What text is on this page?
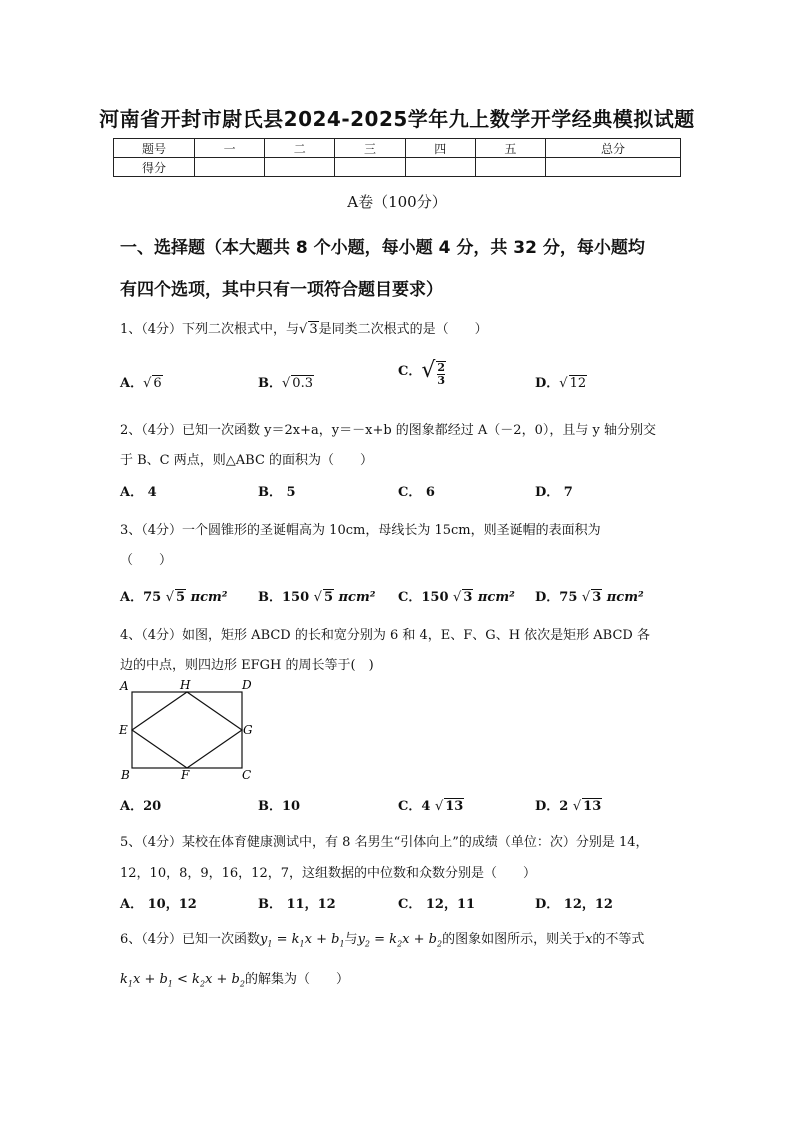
河南省开封市尉氏县2024-2025学年九上数学开学经典模拟试题
题号	一	二	三	四	五	总分
得分						
A卷（100分）
一、选择题（本大题共 8 个小题，每小题 4 分，共 32 分，每小题均
有四个选项，其中只有一项符合题目要求）
1、（4分）下列二次根式中，与√ 3是同类二次根式的是（　　）
A．√ 6	B．√ 0.3
C．√ $\frac{2}{3}$	D．√ 12
2、（4分）已知一次函数 y＝2x+a，y＝－x+b 的图象都经过 A（－2，0），且与 y 轴分别交
于 B、C 两点，则△ABC 的面积为（　　）
A． 4	B． 5	C． 6	D． 7
3、（4分）一个圆锥形的圣诞帽高为 10cm，母线长为 15cm，则圣诞帽的表面积为
（　　）
A．75 √ 5 πcm² B．150 √ 5 πcm² C．150 √ 3 πcm² D．75 √ 3 πcm²
4、（4分）如图，矩形 ABCD 的长和宽分别为 6 和 4，E、F、G、H 依次是矩形 ABCD 各
边的中点，则四边形 EFGH 的周长等于(　)
A	H	D
E	G
B	F	C
A．20	B．10	C．4 √ 13	D．2 √ 13
5、（4分）某校在体育健康测试中，有 8 名男生“引体向上”的成绩（单位：次）分别是 14，
12，10，8，9，16，12，7，这组数据的中位数和众数分别是（　　）
A． 10，12	B． 11，12	C． 12，11	D． 12，12
6、（4分）已知一次函数$y_1 = k_1x + b_1$与$y_2 = k_2x + b_2$的图象如图所示，则关于x的不等式
$k_1x + b_1 < k_2x + b_2$的解集为（　　）
